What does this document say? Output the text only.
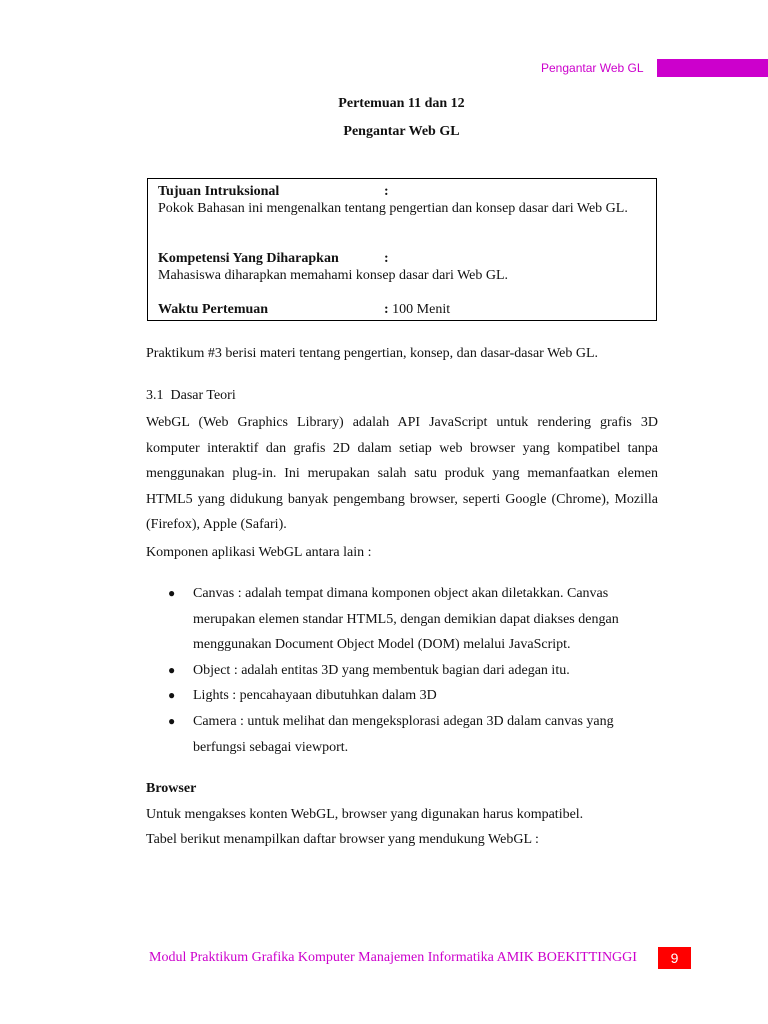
Pengantar Web GL
Pertemuan 11 dan 12
Pengantar Web GL
Tujuan Intruksional	:
Pokok Bahasan ini mengenalkan tentang pengertian dan konsep dasar dari Web GL.
Kompetensi Yang Diharapkan	:
Mahasiswa diharapkan memahami konsep dasar dari Web GL.
Waktu Pertemuan	: 100 Menit
Praktikum #3 berisi materi tentang pengertian, konsep, dan dasar-dasar Web GL.
3.1 Dasar Teori
WebGL (Web Graphics Library) adalah API JavaScript untuk rendering grafis 3D komputer interaktif dan grafis 2D dalam setiap web browser yang kompatibel tanpa menggunakan plug-in. Ini merupakan salah satu produk yang memanfaatkan elemen HTML5 yang didukung banyak pengembang browser, seperti Google (Chrome), Mozilla (Firefox), Apple (Safari).
Komponen aplikasi WebGL antara lain :
● Canvas : adalah tempat dimana komponen object akan diletakkan. Canvas merupakan elemen standar HTML5, dengan demikian dapat diakses dengan menggunakan Document Object Model (DOM) melalui JavaScript.
● Object : adalah entitas 3D yang membentuk bagian dari adegan itu.
● Lights : pencahayaan dibutuhkan dalam 3D
● Camera : untuk melihat dan mengeksplorasi adegan 3D dalam canvas yang berfungsi sebagai viewport.
Browser
Untuk mengakses konten WebGL, browser yang digunakan harus kompatibel.
Tabel berikut menampilkan daftar browser yang mendukung WebGL :
Modul Praktikum Grafika Komputer Manajemen Informatika AMIK BOEKITTINGGI	9
